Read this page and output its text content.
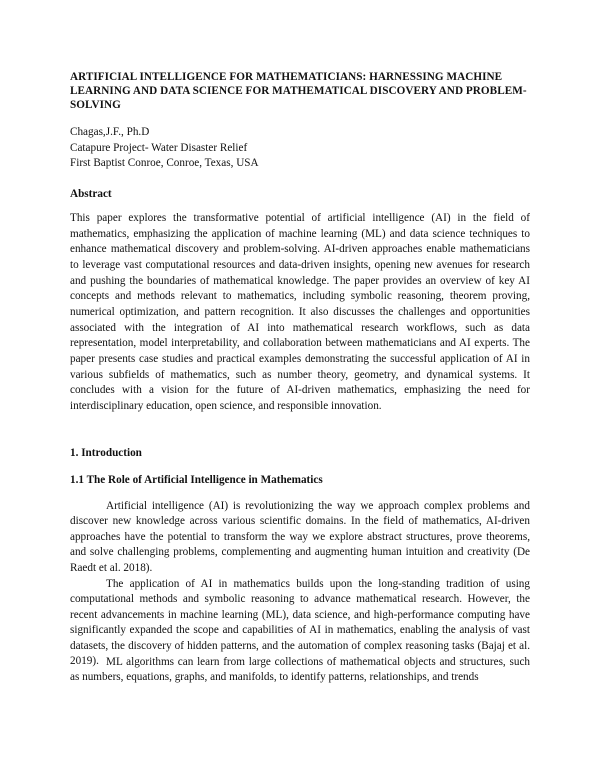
ARTIFICIAL INTELLIGENCE FOR MATHEMATICIANS: HARNESSING MACHINE LEARNING AND DATA SCIENCE FOR MATHEMATICAL DISCOVERY AND PROBLEM-SOLVING
Chagas,J.F., Ph.D
Catapure Project- Water Disaster Relief
First Baptist Conroe, Conroe, Texas, USA
Abstract
This paper explores the transformative potential of artificial intelligence (AI) in the field of mathematics, emphasizing the application of machine learning (ML) and data science techniques to enhance mathematical discovery and problem-solving. AI-driven approaches enable mathematicians to leverage vast computational resources and data-driven insights, opening new avenues for research and pushing the boundaries of mathematical knowledge. The paper provides an overview of key AI concepts and methods relevant to mathematics, including symbolic reasoning, theorem proving, numerical optimization, and pattern recognition. It also discusses the challenges and opportunities associated with the integration of AI into mathematical research workflows, such as data representation, model interpretability, and collaboration between mathematicians and AI experts. The paper presents case studies and practical examples demonstrating the successful application of AI in various subfields of mathematics, such as number theory, geometry, and dynamical systems. It concludes with a vision for the future of AI-driven mathematics, emphasizing the need for interdisciplinary education, open science, and responsible innovation.
1. Introduction
1.1 The Role of Artificial Intelligence in Mathematics
Artificial intelligence (AI) is revolutionizing the way we approach complex problems and discover new knowledge across various scientific domains. In the field of mathematics, AI-driven approaches have the potential to transform the way we explore abstract structures, prove theorems, and solve challenging problems, complementing and augmenting human intuition and creativity (De Raedt et al. 2018).
The application of AI in mathematics builds upon the long-standing tradition of using computational methods and symbolic reasoning to advance mathematical research. However, the recent advancements in machine learning (ML), data science, and high-performance computing have significantly expanded the scope and capabilities of AI in mathematics, enabling the analysis of vast datasets, the discovery of hidden patterns, and the automation of complex reasoning tasks (Bajaj et al. 2019). ML algorithms can learn from large collections of mathematical objects and structures, such as numbers, equations, graphs, and manifolds, to identify patterns, relationships, and trends
